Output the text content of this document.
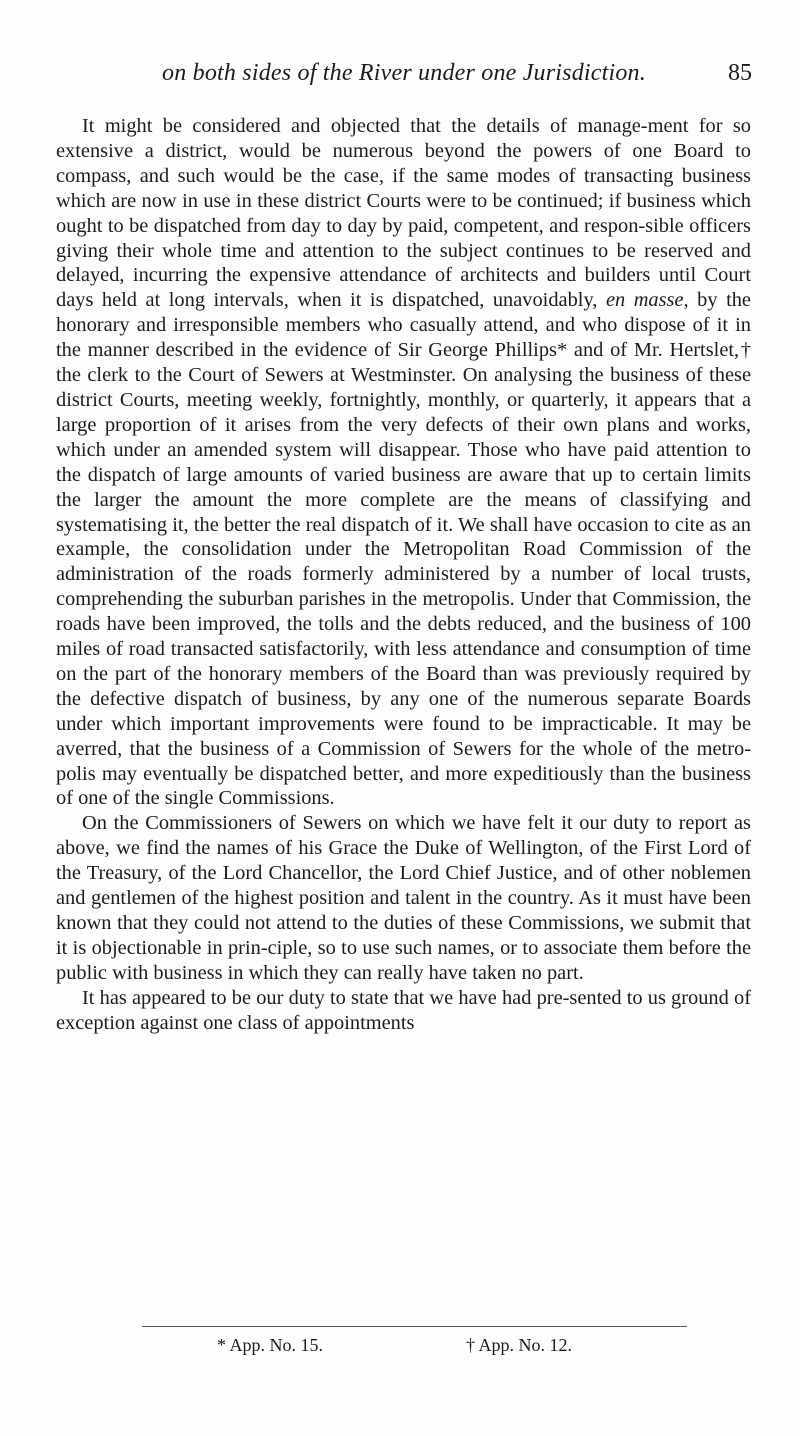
on both sides of the River under one Jurisdiction.	85

It might be considered and objected that the details of manage-ment for so extensive a district, would be numerous beyond the powers of one Board to compass, and such would be the case, if the same modes of transacting business which are now in use in these district Courts were to be continued; if business which ought to be dispatched from day to day by paid, competent, and respon-sible officers giving their whole time and attention to the subject continues to be reserved and delayed, incurring the expensive attendance of architects and builders until Court days held at long intervals, when it is dispatched, unavoidably, en masse, by the honorary and irresponsible members who casually attend, and who dispose of it in the manner described in the evidence of Sir George Phillips* and of Mr. Hertslet,† the clerk to the Court of Sewers at Westminster. On analysing the business of these district Courts, meeting weekly, fortnightly, monthly, or quarterly, it appears that a large proportion of it arises from the very defects of their own plans and works, which under an amended system will disappear. Those who have paid attention to the dispatch of large amounts of varied business are aware that up to certain limits the larger the amount the more complete are the means of classifying and systematising it, the better the real dispatch of it. We shall have occasion to cite as an example, the consolidation under the Metropolitan Road Commission of the administration of the roads formerly administered by a number of local trusts, comprehending the suburban parishes in the metropolis. Under that Commission, the roads have been improved, the tolls and the debts reduced, and the business of 100 miles of road transacted satisfactorily, with less attendance and consumption of time on the part of the honorary members of the Board than was previously required by the defective dispatch of business, by any one of the numerous separate Boards under which important improvements were found to be impracticable. It may be averred, that the business of a Commission of Sewers for the whole of the metro-polis may eventually be dispatched better, and more expeditiously than the business of one of the single Commissions.

On the Commissioners of Sewers on which we have felt it our duty to report as above, we find the names of his Grace the Duke of Wellington, of the First Lord of the Treasury, of the Lord Chancellor, the Lord Chief Justice, and of other noblemen and gentlemen of the highest position and talent in the country. As it must have been known that they could not attend to the duties of these Commissions, we submit that it is objectionable in prin-ciple, so to use such names, or to associate them before the public with business in which they can really have taken no part.

It has appeared to be our duty to state that we have had pre-sented to us ground of exception against one class of appointments

* App. No. 15.	† App. No. 12.
